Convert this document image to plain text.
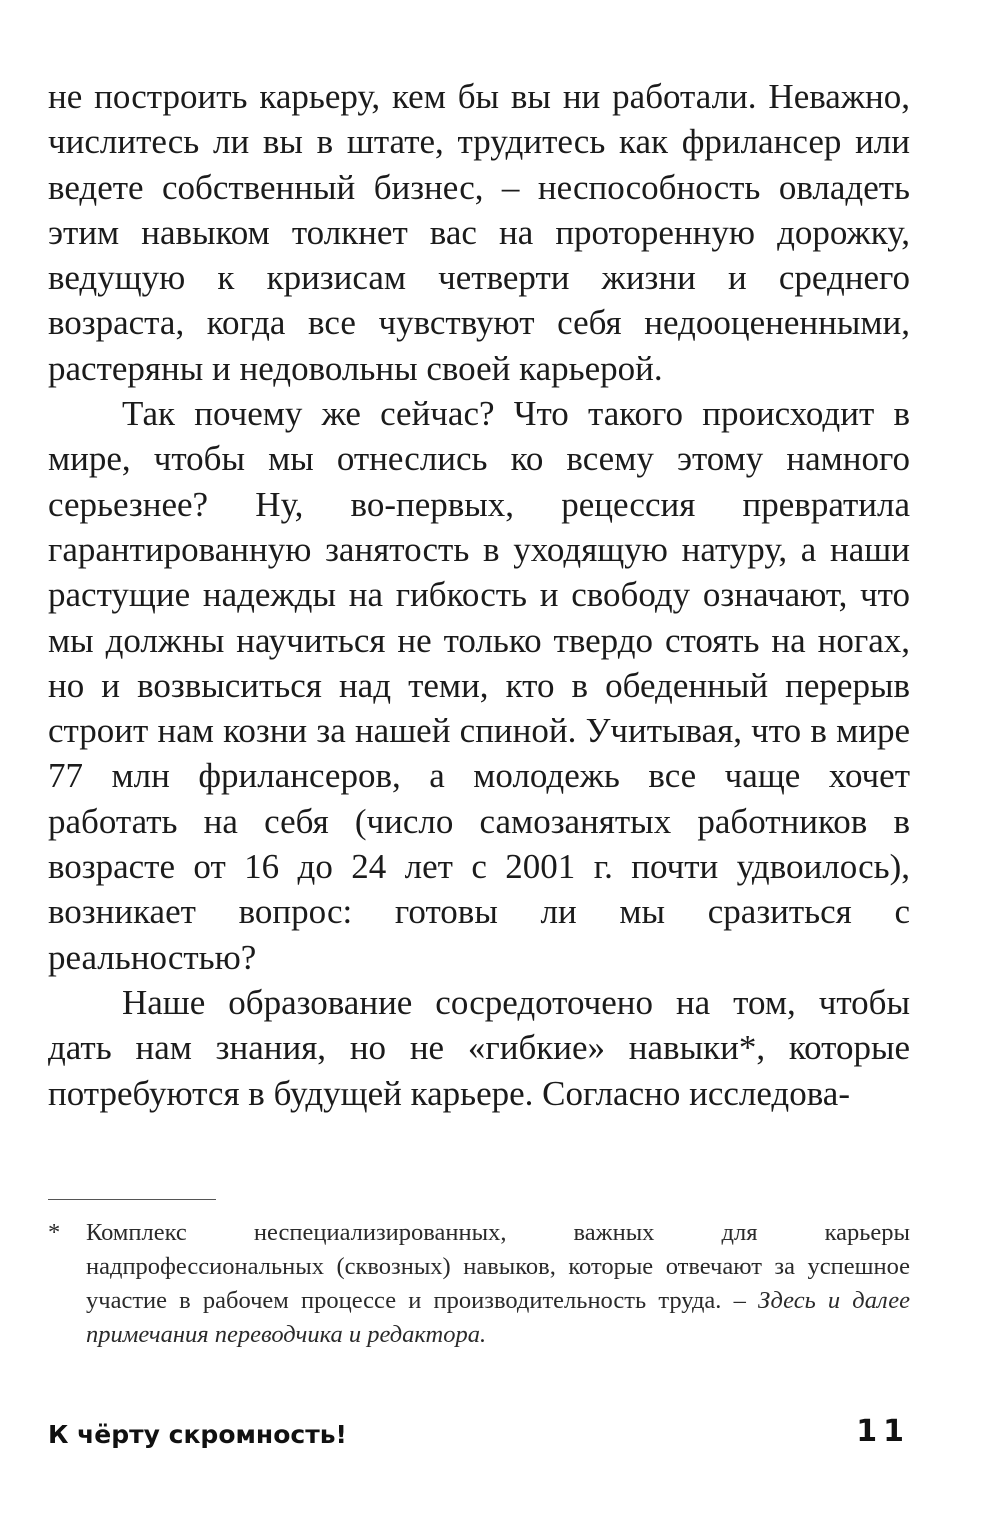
не построить карьеру, кем бы вы ни работали. Неважно, числитесь ли вы в штате, трудитесь как фрилансер или ведете собственный бизнес, – неспособность овладеть этим навыком толкнет вас на проторенную дорожку, ведущую к кризисам четверти жизни и среднего возраста, когда все чувствуют себя недооцененными, растеряны и недовольны своей карьерой.

Так почему же сейчас? Что такого происходит в мире, чтобы мы отнеслись ко всему этому намного серьезнее? Ну, во-первых, рецессия превратила гарантированную занятость в уходящую натуру, а наши растущие надежды на гибкость и свободу означают, что мы должны научиться не только твердо стоять на ногах, но и возвыситься над теми, кто в обеденный перерыв строит нам козни за нашей спиной. Учитывая, что в мире 77 млн фрилансеров, а молодежь все чаще хочет работать на себя (число самозанятых работников в возрасте от 16 до 24 лет с 2001 г. почти удвоилось), возникает вопрос: готовы ли мы сразиться с реальностью?

Наше образование сосредоточено на том, чтобы дать нам знания, но не «гибкие» навыки*, которые потребуются в будущей карьере. Согласно исследова-

* Комплекс неспециализированных, важных для карьеры надпрофессиональных (сквозных) навыков, которые отвечают за успешное участие в рабочем процессе и производительность труда. – Здесь и далее примечания переводчика и редактора.
К чёрту скромность!	11
